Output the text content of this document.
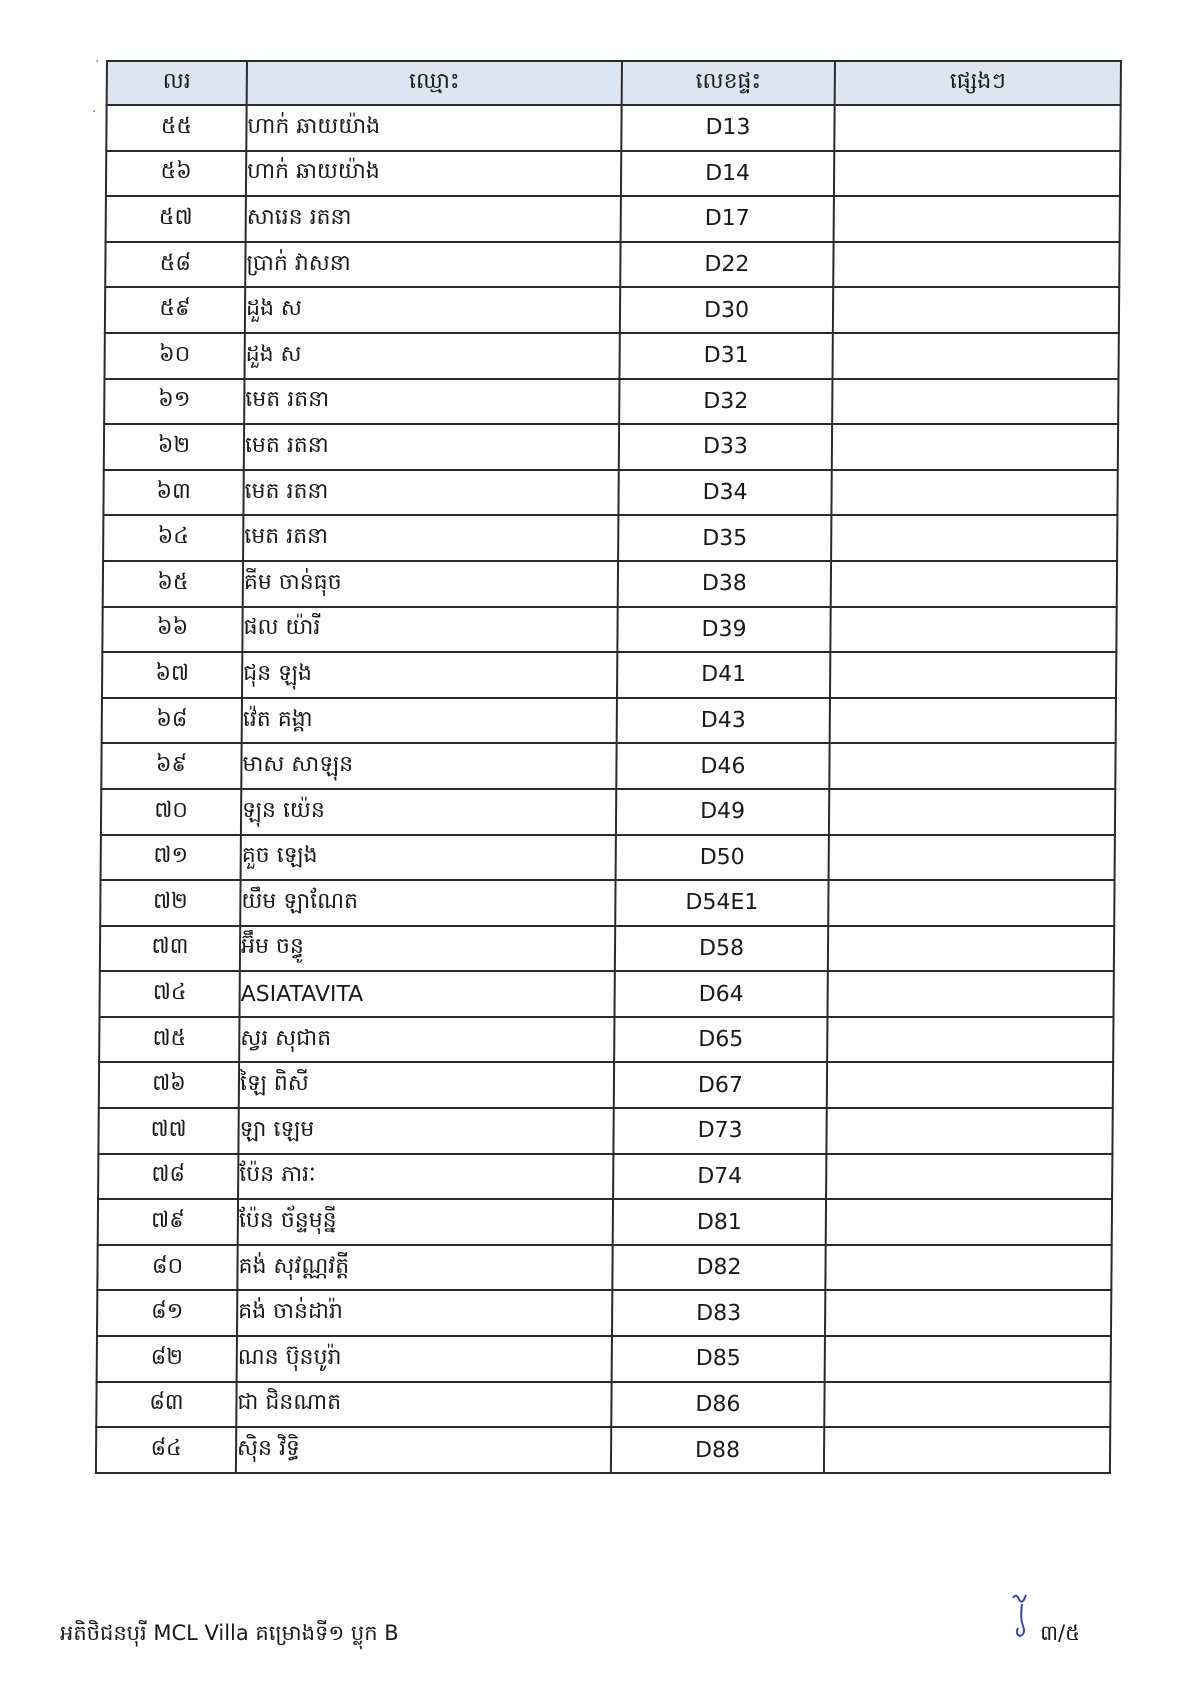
·
·
លរ	ឈ្មោះ	លេខផ្ទះ	ផ្សេងៗ
៥៥	ហាក់ ឆាយយ៉ាង	D13	
៥៦	ហាក់ ឆាយយ៉ាង	D14	
៥៧	សារេន រតនា	D17	
៥៨	ប្រាក់ វាសនា	D22	
៥៩	ដួង ស	D30	
៦០	ដួង ស	D31	
៦១	មេត រតនា	D32	
៦២	មេត រតនា	D33	
៦៣	មេត រតនា	D34	
៦៤	មេត រតនា	D35	
៦៥	គីម ចាន់ធុច	D38	
៦៦	ផល យ៉ារី	D39	
៦៧	ជុន ឡុង	D41	
៦៨	វ៉េត គង្គា	D43	
៦៩	មាស សាឡុន	D46	
៧០	ឡុន យ៉េន	D49	
៧១	គួច ឡេង	D50	
៧២	យឹម ឡាណែត	D54E1	
៧៣	អ៊ឹម ចន្ធូ	D58	
៧៤	ASIATAVITA	D64	
៧៥	ស្វរ សុជាត	D65	
៧៦	ឡៃ ពិសី	D67	
៧៧	ឡា ឡេម	D73	
៧៨	ប៉ែន ភារៈ	D74	
៧៩	ប៉ែន ច័ន្ទមុន្នី	D81	
៨០	គង់ សុវណ្ណវត្តី	D82	
៨១	គង់ ចាន់ដារ៉ា	D83	
៨២	ណន ប៊ុនបូរ៉ា	D85	
៨៣	ជា ជិនណាត	D86	
៨៤	ស៊ិន វិទ្ធិ	D88	
អតិថិជនបុរី MCL Villa គម្រោងទី១ ប្លុក B	៣/៥
